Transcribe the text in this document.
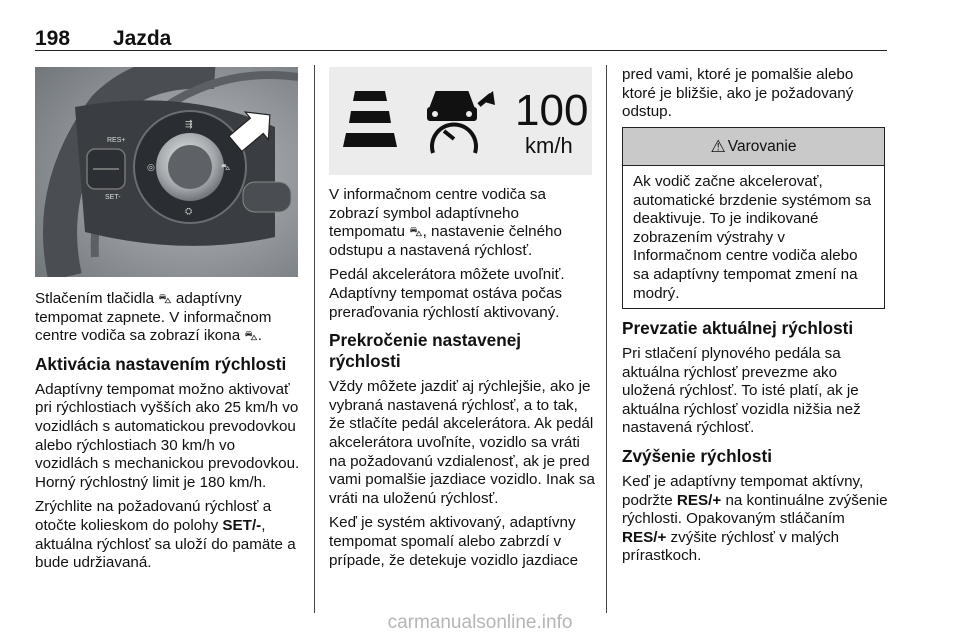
198 Jazda
RES+
SET-
⇶
◎	⛍
⛭

Stlačením tlačidla ⛍ adaptívny tempomat zapnete. V informačnom centre vodiča sa zobrazí ikona ⛍.

Aktivácia nastavením rýchlosti

Adaptívny tempomat možno aktivovať pri rýchlostiach vyšších ako 25 km/h vo vozidlách s automatickou prevodovkou alebo rýchlostiach 30 km/h vo vozidlách s mechanickou prevodovkou. Horný rýchlostný limit je 180 km/h.

Zrýchlite na požadovanú rýchlosť a otočte kolieskom do polohy SET/-, aktuálna rýchlosť sa uloží do pamäte a bude udržiavaná.

100
km/h

V informačnom centre vodiča sa zobrazí symbol adaptívneho tempomatu ⛍, nastavenie čelného odstupu a nastavená rýchlosť.

Pedál akcelerátora môžete uvoľniť. Adaptívny tempomat ostáva počas preraďovania rýchlostí aktivovaný.

Prekročenie nastavenej rýchlosti

Vždy môžete jazdiť aj rýchlejšie, ako je vybraná nastavená rýchlosť, a to tak, že stlačíte pedál akcelerátora. Ak pedál akcelerátora uvoľníte, vozidlo sa vráti na požadovanú vzdialenosť, ak je pred vami pomalšie jazdiace vozidlo. Inak sa vráti na uloženú rýchlosť.

Keď je systém aktivovaný, adaptívny tempomat spomalí alebo zabrzdí v prípade, že detekuje vozidlo jazdiace

pred vami, ktoré je pomalšie alebo ktoré je bližšie, ako je požadovaný odstup.

⚠ Varovanie
Ak vodič začne akcelerovať, automatické brzdenie systémom sa deaktivuje. To je indikované zobrazením výstrahy v Informačnom centre vodiča alebo sa adaptívny tempomat zmení na modrý.
Prevzatie aktuálnej rýchlosti

Pri stlačení plynového pedála sa aktuálna rýchlosť prevezme ako uložená rýchlosť. To isté platí, ak je aktuálna rýchlosť vozidla nižšia než nastavená rýchlosť.

Zvýšenie rýchlosti

Keď je adaptívny tempomat aktívny, podržte RES/+ na kontinuálne zvýšenie rýchlosti. Opakovaným stláčaním RES/+ zvýšite rýchlosť v malých prírastkoch.

carmanualsonline.info
